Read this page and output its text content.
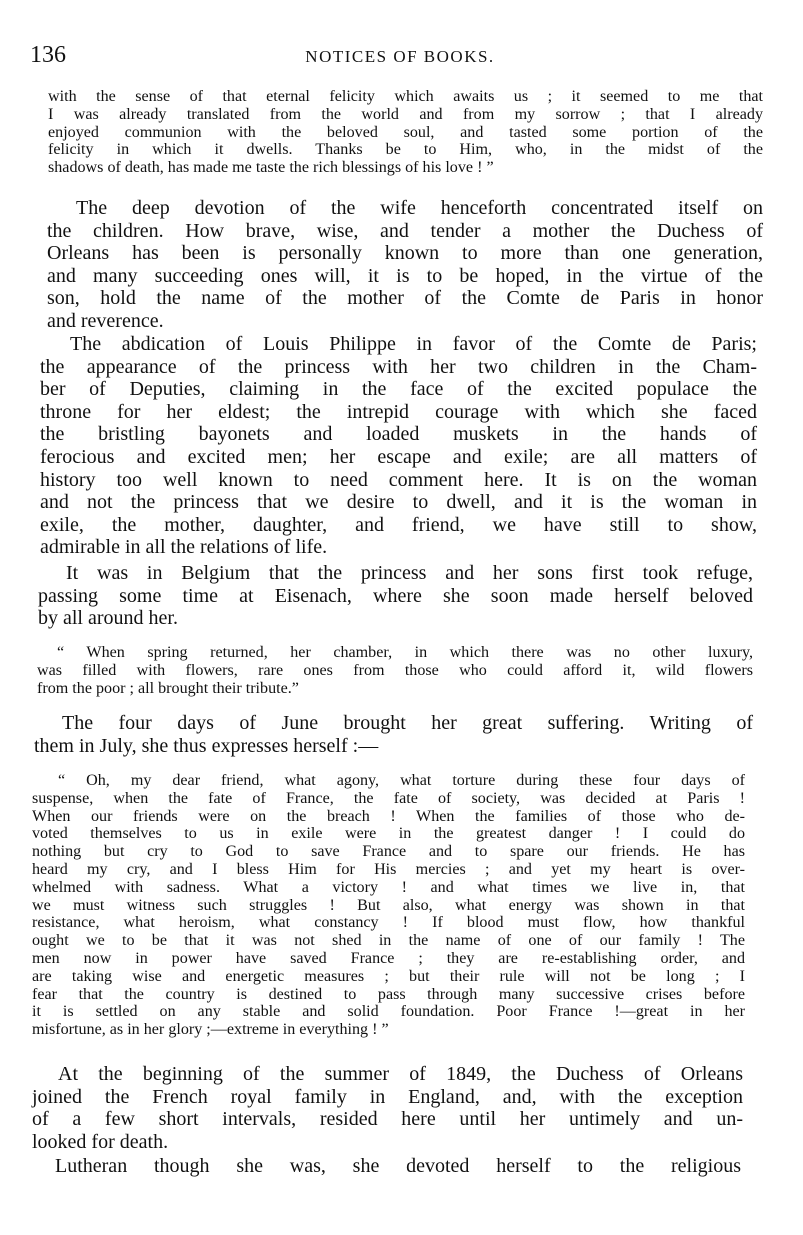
136	NOTICES OF BOOKS.
with the sense of that eternal felicity which awaits us ; it seemed to me that
I was already translated from the world and from my sorrow ; that I already
enjoyed communion with the beloved soul, and tasted some portion of the
felicity in which it dwells. Thanks be to Him, who, in the midst of the
shadows of death, has made me taste the rich blessings of his love ! ”
The deep devotion of the wife henceforth concentrated itself on
the children. How brave, wise, and tender a mother the Duchess of
Orleans has been is personally known to more than one generation,
and many succeeding ones will, it is to be hoped, in the virtue of the
son, hold the name of the mother of the Comte de Paris in honor
and reverence.
The abdication of Louis Philippe in favor of the Comte de Paris;
the appearance of the princess with her two children in the Cham-
ber of Deputies, claiming in the face of the excited populace the
throne for her eldest; the intrepid courage with which she faced
the bristling bayonets and loaded muskets in the hands of
ferocious and excited men; her escape and exile; are all matters of
history too well known to need comment here. It is on the woman
and not the princess that we desire to dwell, and it is the woman in
exile, the mother, daughter, and friend, we have still to show,
admirable in all the relations of life.
It was in Belgium that the princess and her sons first took refuge,
passing some time at Eisenach, where she soon made herself beloved
by all around her.
“ When spring returned, her chamber, in which there was no other luxury,
was filled with flowers, rare ones from those who could afford it, wild flowers
from the poor ; all brought their tribute.”
The four days of June brought her great suffering. Writing of
them in July, she thus expresses herself :—
“ Oh, my dear friend, what agony, what torture during these four days of
suspense, when the fate of France, the fate of society, was decided at Paris !
When our friends were on the breach ! When the families of those who de-
voted themselves to us in exile were in the greatest danger ! I could do
nothing but cry to God to save France and to spare our friends. He has
heard my cry, and I bless Him for His mercies ; and yet my heart is over-
whelmed with sadness. What a victory ! and what times we live in, that
we must witness such struggles ! But also, what energy was shown in that
resistance, what heroism, what constancy ! If blood must flow, how thankful
ought we to be that it was not shed in the name of one of our family ! The
men now in power have saved France ; they are re-establishing order, and
are taking wise and energetic measures ; but their rule will not be long ; I
fear that the country is destined to pass through many successive crises before
it is settled on any stable and solid foundation. Poor France !—great in her
misfortune, as in her glory ;—extreme in everything ! ”
At the beginning of the summer of 1849, the Duchess of Orleans
joined the French royal family in England, and, with the exception
of a few short intervals, resided here until her untimely and un-
looked for death.
Lutheran though she was, she devoted herself to the religious
